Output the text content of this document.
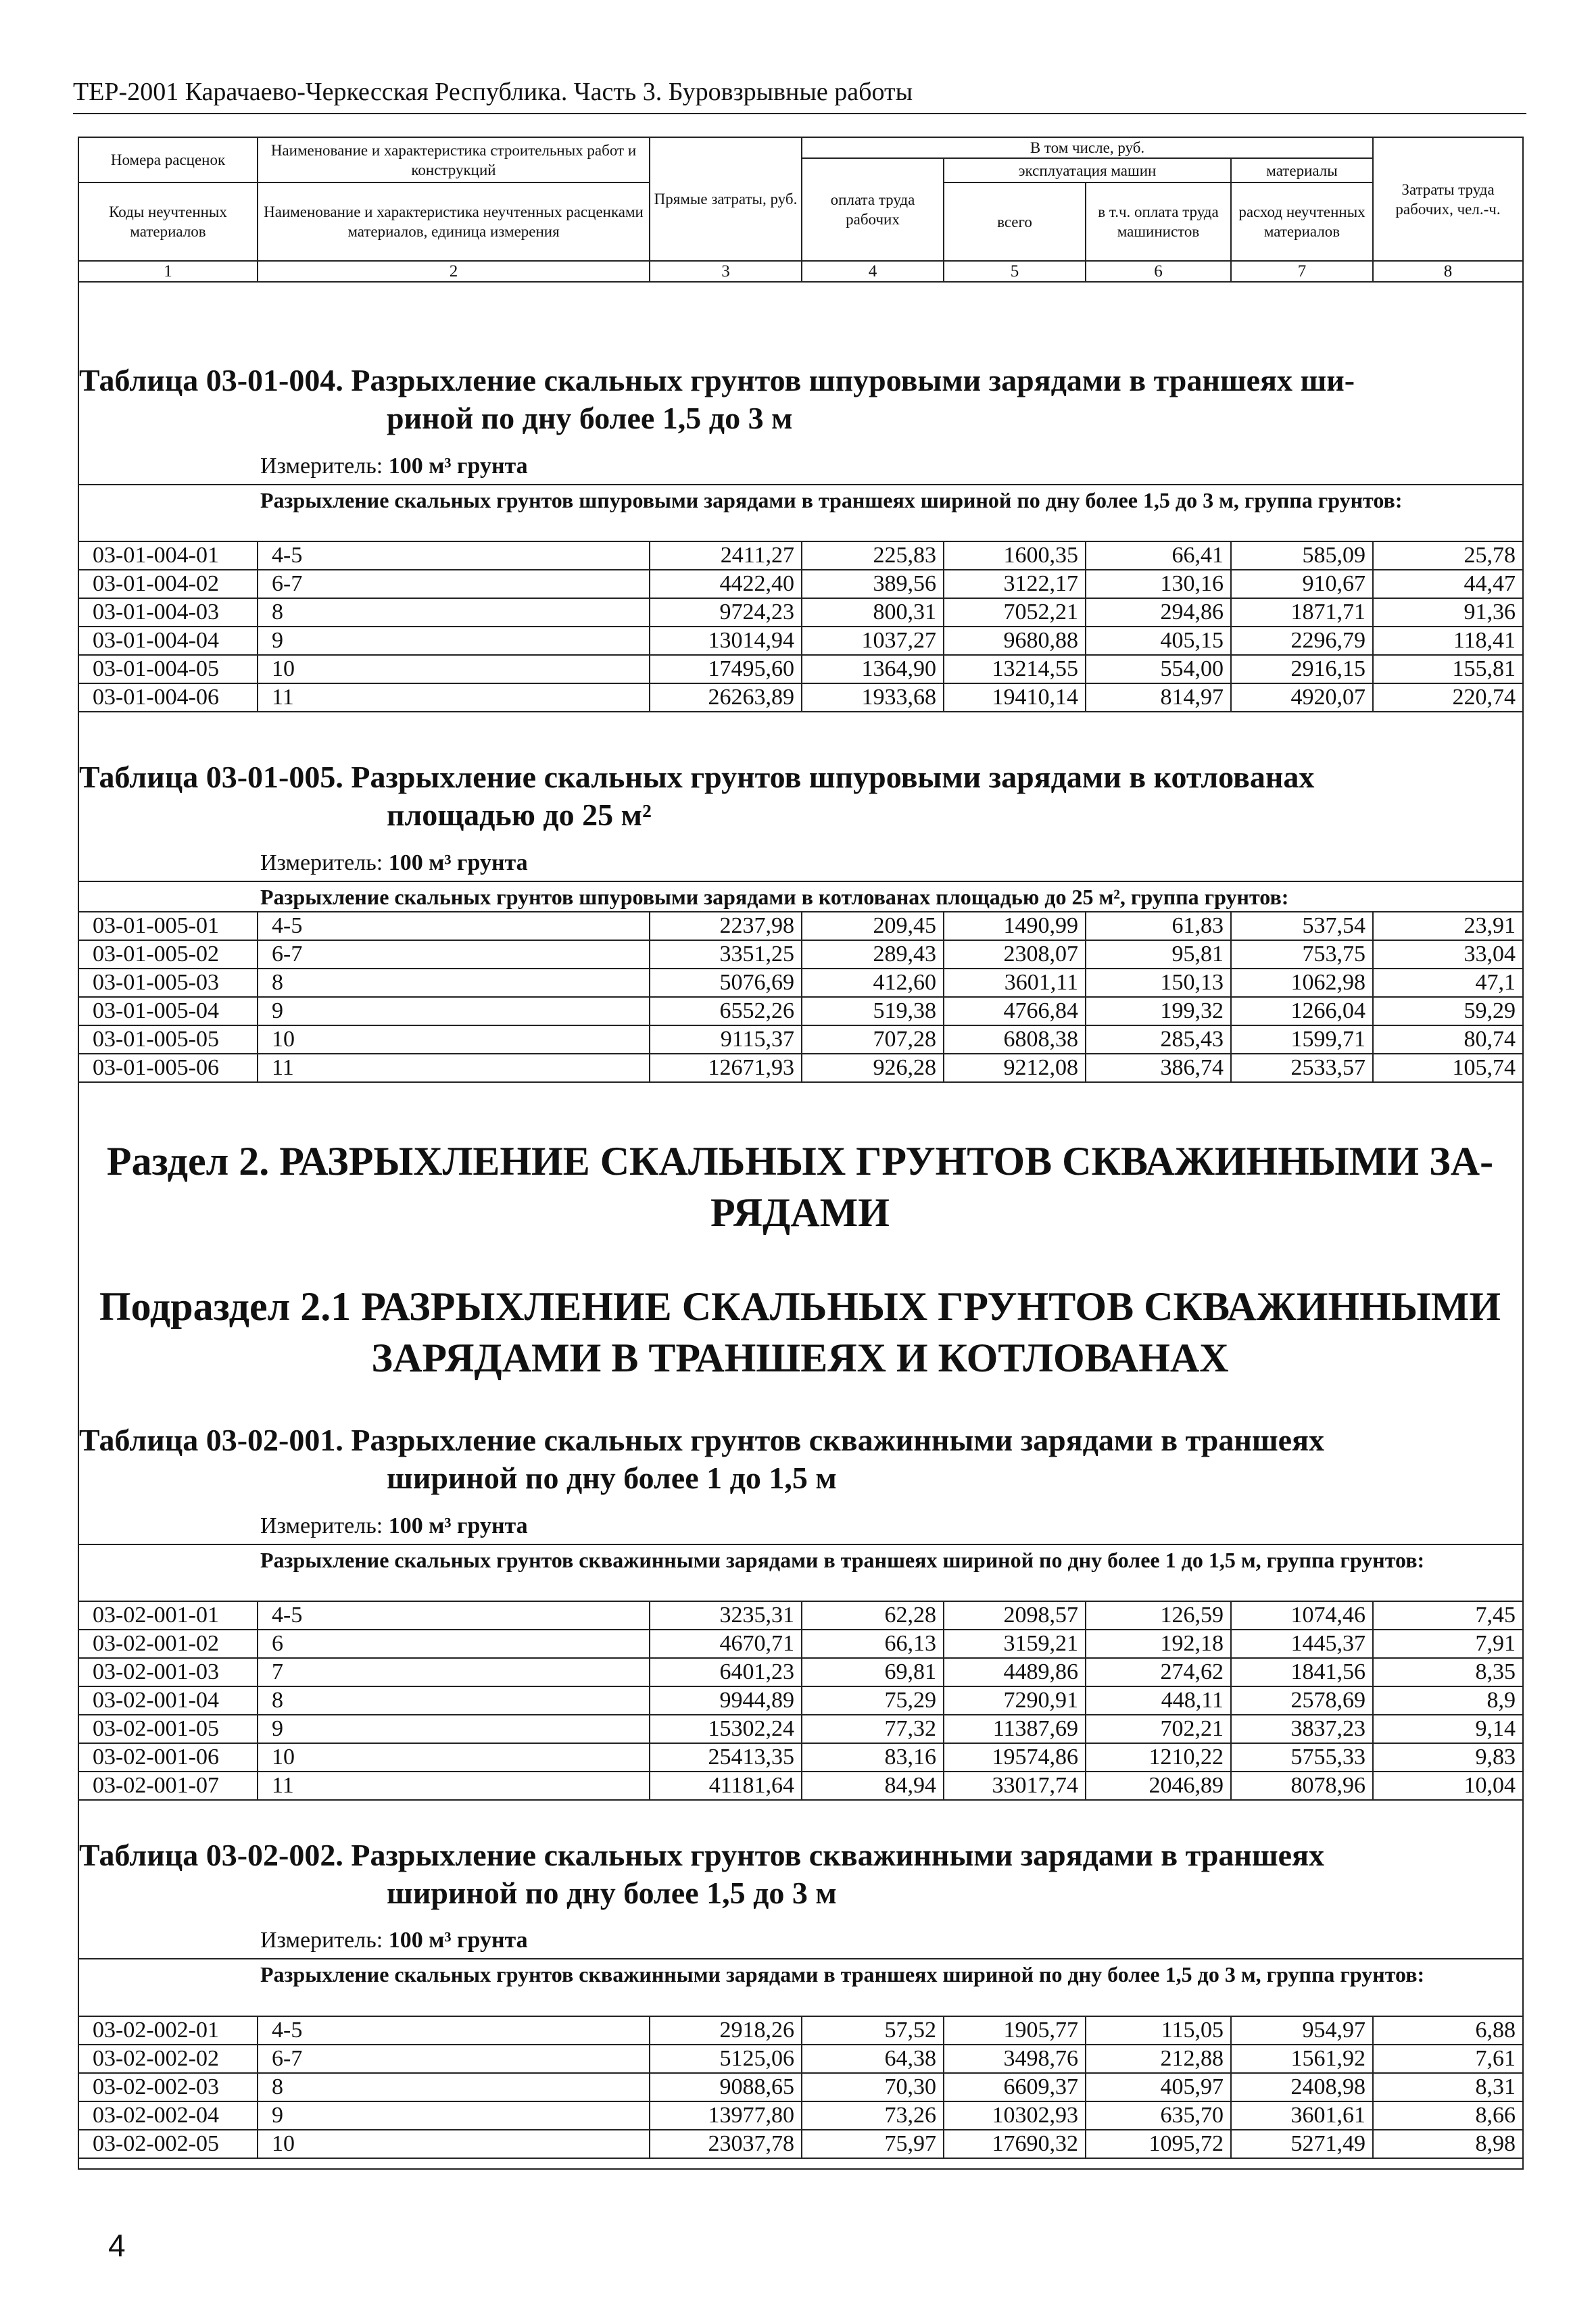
ТЕР-2001 Карачаево-Черкесская Республика. Часть 3. Буровзрывные работы
Номера расценок	Наименование и характеристика строительных работ и конструкций	Прямые затраты, руб.	В том числе, руб.				Затраты труда рабочих, чел.-ч.
			оплата труда рабочих	эксплуатация машин		материалы	
Коды неучтенных материалов	Наименование и характеристика неучтенных расценками материалов, единица измерения			всего	в т.ч. оплата труда машинистов	расход неучтенных материалов	

1	2	3	4	5	6	7	8
Таблица 03-01-004. Разрыхление скальных грунтов шпуровыми зарядами в траншеях ши-
риной по дну более 1,5 до 3 м
Измеритель: 100 м³ грунта
Разрыхление скальных грунтов шпуровыми зарядами в траншеях шириной по дну более 1,5 до 3 м, группа грунтов:
03-01-004-01	4-5	2411,27	225,83	1600,35	66,41	585,09	25,78
03-01-004-02	6-7	4422,40	389,56	3122,17	130,16	910,67	44,47
03-01-004-03	8	9724,23	800,31	7052,21	294,86	1871,71	91,36
03-01-004-04	9	13014,94	1037,27	9680,88	405,15	2296,79	118,41
03-01-004-05	10	17495,60	1364,90	13214,55	554,00	2916,15	155,81
03-01-004-06	11	26263,89	1933,68	19410,14	814,97	4920,07	220,74
Таблица 03-01-005. Разрыхление скальных грунтов шпуровыми зарядами в котлованах
площадью до 25 м²
Измеритель: 100 м³ грунта
Разрыхление скальных грунтов шпуровыми зарядами в котлованах площадью до 25 м², группа грунтов:
03-01-005-01	4-5	2237,98	209,45	1490,99	61,83	537,54	23,91
03-01-005-02	6-7	3351,25	289,43	2308,07	95,81	753,75	33,04
03-01-005-03	8	5076,69	412,60	3601,11	150,13	1062,98	47,1
03-01-005-04	9	6552,26	519,38	4766,84	199,32	1266,04	59,29
03-01-005-05	10	9115,37	707,28	6808,38	285,43	1599,71	80,74
03-01-005-06	11	12671,93	926,28	9212,08	386,74	2533,57	105,74
Таблица 03-02-001. Разрыхление скальных грунтов скважинными зарядами в траншеях
шириной по дну более 1 до 1,5 м
Измеритель: 100 м³ грунта
Разрыхление скальных грунтов скважинными зарядами в траншеях шириной по дну более 1 до 1,5 м, группа грунтов:
03-02-001-01	4-5	3235,31	62,28	2098,57	126,59	1074,46	7,45
03-02-001-02	6	4670,71	66,13	3159,21	192,18	1445,37	7,91
03-02-001-03	7	6401,23	69,81	4489,86	274,62	1841,56	8,35
03-02-001-04	8	9944,89	75,29	7290,91	448,11	2578,69	8,9
03-02-001-05	9	15302,24	77,32	11387,69	702,21	3837,23	9,14
03-02-001-06	10	25413,35	83,16	19574,86	1210,22	5755,33	9,83
03-02-001-07	11	41181,64	84,94	33017,74	2046,89	8078,96	10,04
Таблица 03-02-002. Разрыхление скальных грунтов скважинными зарядами в траншеях
шириной по дну более 1,5 до 3 м
Измеритель: 100 м³ грунта
Разрыхление скальных грунтов скважинными зарядами в траншеях шириной по дну более 1,5 до 3 м, группа грунтов:
03-02-002-01	4-5	2918,26	57,52	1905,77	115,05	954,97	6,88
03-02-002-02	6-7	5125,06	64,38	3498,76	212,88	1561,92	7,61
03-02-002-03	8	9088,65	70,30	6609,37	405,97	2408,98	8,31
03-02-002-04	9	13977,80	73,26	10302,93	635,70	3601,61	8,66
03-02-002-05	10	23037,78	75,97	17690,32	1095,72	5271,49	8,98
Раздел 2. РАЗРЫХЛЕНИЕ СКАЛЬНЫХ ГРУНТОВ СКВАЖИННЫМИ ЗА-
РЯДАМИ
Подраздел 2.1 РАЗРЫХЛЕНИЕ СКАЛЬНЫХ ГРУНТОВ СКВАЖИННЫМИ
ЗАРЯДАМИ В ТРАНШЕЯХ И КОТЛОВАНАХ
4
